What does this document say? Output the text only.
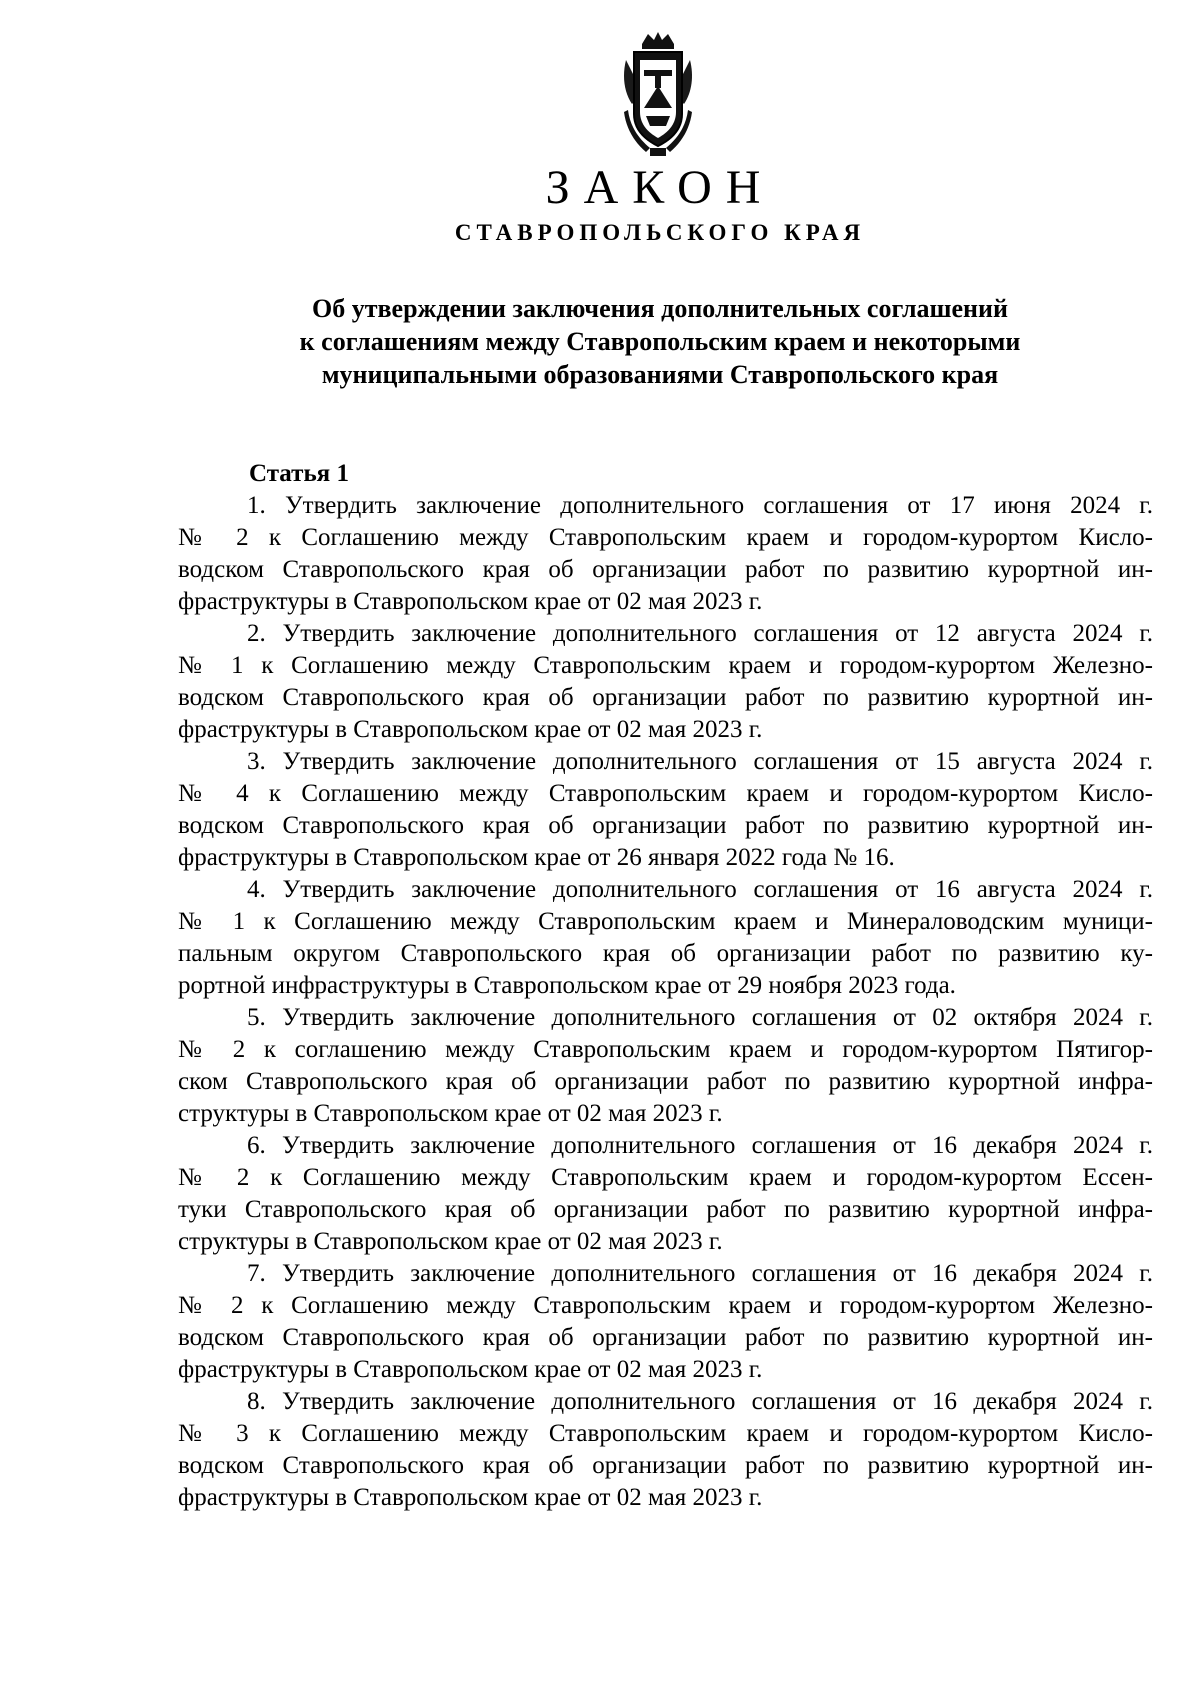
ЗАКОН
СТАВРОПОЛЬСКОГО КРАЯ
Об утверждении заключения дополнительных соглашений
к соглашениям между Ставропольским краем и некоторыми
муниципальными образованиями Ставропольского края
Статья 1

1. Утвердить заключение дополнительного соглашения от 17 июня 2024 г.
№ 2 к Соглашению между Ставропольским краем и городом-курортом Кисло-
водском Ставропольского края об организации работ по развитию курортной ин-
фраструктуры в Ставропольском крае от 02 мая 2023 г.

2. Утвердить заключение дополнительного соглашения от 12 августа 2024 г.
№ 1 к Соглашению между Ставропольским краем и городом-курортом Железно-
водском Ставропольского края об организации работ по развитию курортной ин-
фраструктуры в Ставропольском крае от 02 мая 2023 г.

3. Утвердить заключение дополнительного соглашения от 15 августа 2024 г.
№ 4 к Соглашению между Ставропольским краем и городом-курортом Кисло-
водском Ставропольского края об организации работ по развитию курортной ин-
фраструктуры в Ставропольском крае от 26 января 2022 года № 16.

4. Утвердить заключение дополнительного соглашения от 16 августа 2024 г.
№ 1 к Соглашению между Ставропольским краем и Минераловодским муници-
пальным округом Ставропольского края об организации работ по развитию ку-
рортной инфраструктуры в Ставропольском крае от 29 ноября 2023 года.

5. Утвердить заключение дополнительного соглашения от 02 октября 2024 г.
№ 2 к соглашению между Ставропольским краем и городом-курортом Пятигор-
ском Ставропольского края об организации работ по развитию курортной инфра-
структуры в Ставропольском крае от 02 мая 2023 г.

6. Утвердить заключение дополнительного соглашения от 16 декабря 2024 г.
№ 2 к Соглашению между Ставропольским краем и городом-курортом Ессен-
туки Ставропольского края об организации работ по развитию курортной инфра-
структуры в Ставропольском крае от 02 мая 2023 г.

7. Утвердить заключение дополнительного соглашения от 16 декабря 2024 г.
№ 2 к Соглашению между Ставропольским краем и городом-курортом Железно-
водском Ставропольского края об организации работ по развитию курортной ин-
фраструктуры в Ставропольском крае от 02 мая 2023 г.

8. Утвердить заключение дополнительного соглашения от 16 декабря 2024 г.
№ 3 к Соглашению между Ставропольским краем и городом-курортом Кисло-
водском Ставропольского края об организации работ по развитию курортной ин-
фраструктуры в Ставропольском крае от 02 мая 2023 г.
